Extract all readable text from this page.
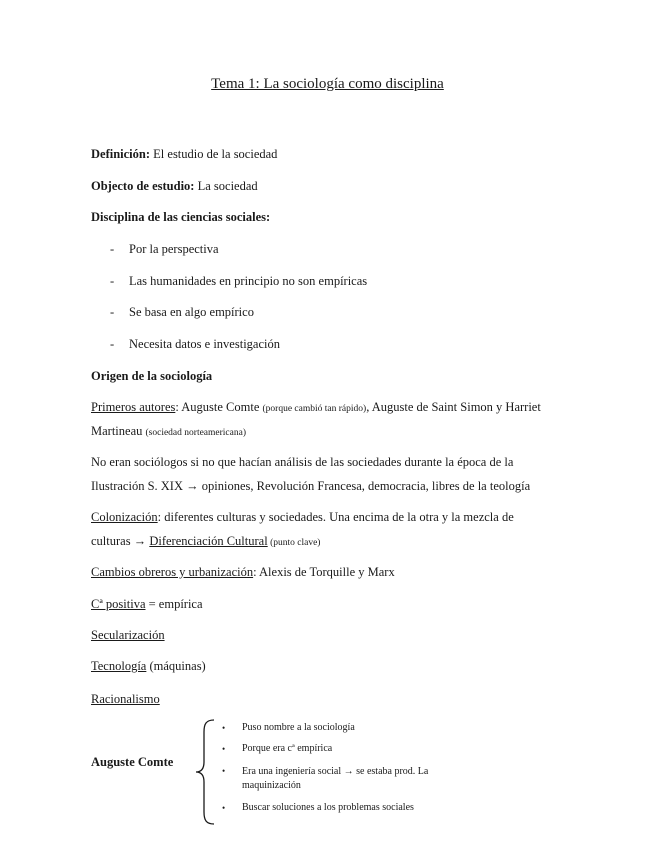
Tema 1: La sociología como disciplina
Definición: El estudio de la sociedad
Objecto de estudio: La sociedad
Disciplina de las ciencias sociales:
- Por la perspectiva
- Las humanidades en principio no son empíricas
- Se basa en algo empírico
- Necesita datos e investigación
Origen de la sociología
Primeros autores: Auguste Comte (porque cambió tan rápido), Auguste de Saint Simon y Harriet
Martineau (sociedad norteamericana)
No eran sociólogos si no que hacían análisis de las sociedades durante la época de la
Ilustración S. XIX → opiniones, Revolución Francesa, democracia, libres de la teología
Colonización: diferentes culturas y sociedades. Una encima de la otra y la mezcla de
culturas → Diferenciación Cultural (punto clave)
Cambios obreros y urbanización: Alexis de Torquille y Marx
Cª positiva = empírica
Secularización
Tecnología (máquinas)
Racionalismo
Auguste Comte
• Puso nombre a la sociología
• Porque era cª empírica
• Era una ingeniería social → se estaba prod. La
maquinización
• Buscar soluciones a los problemas sociales
